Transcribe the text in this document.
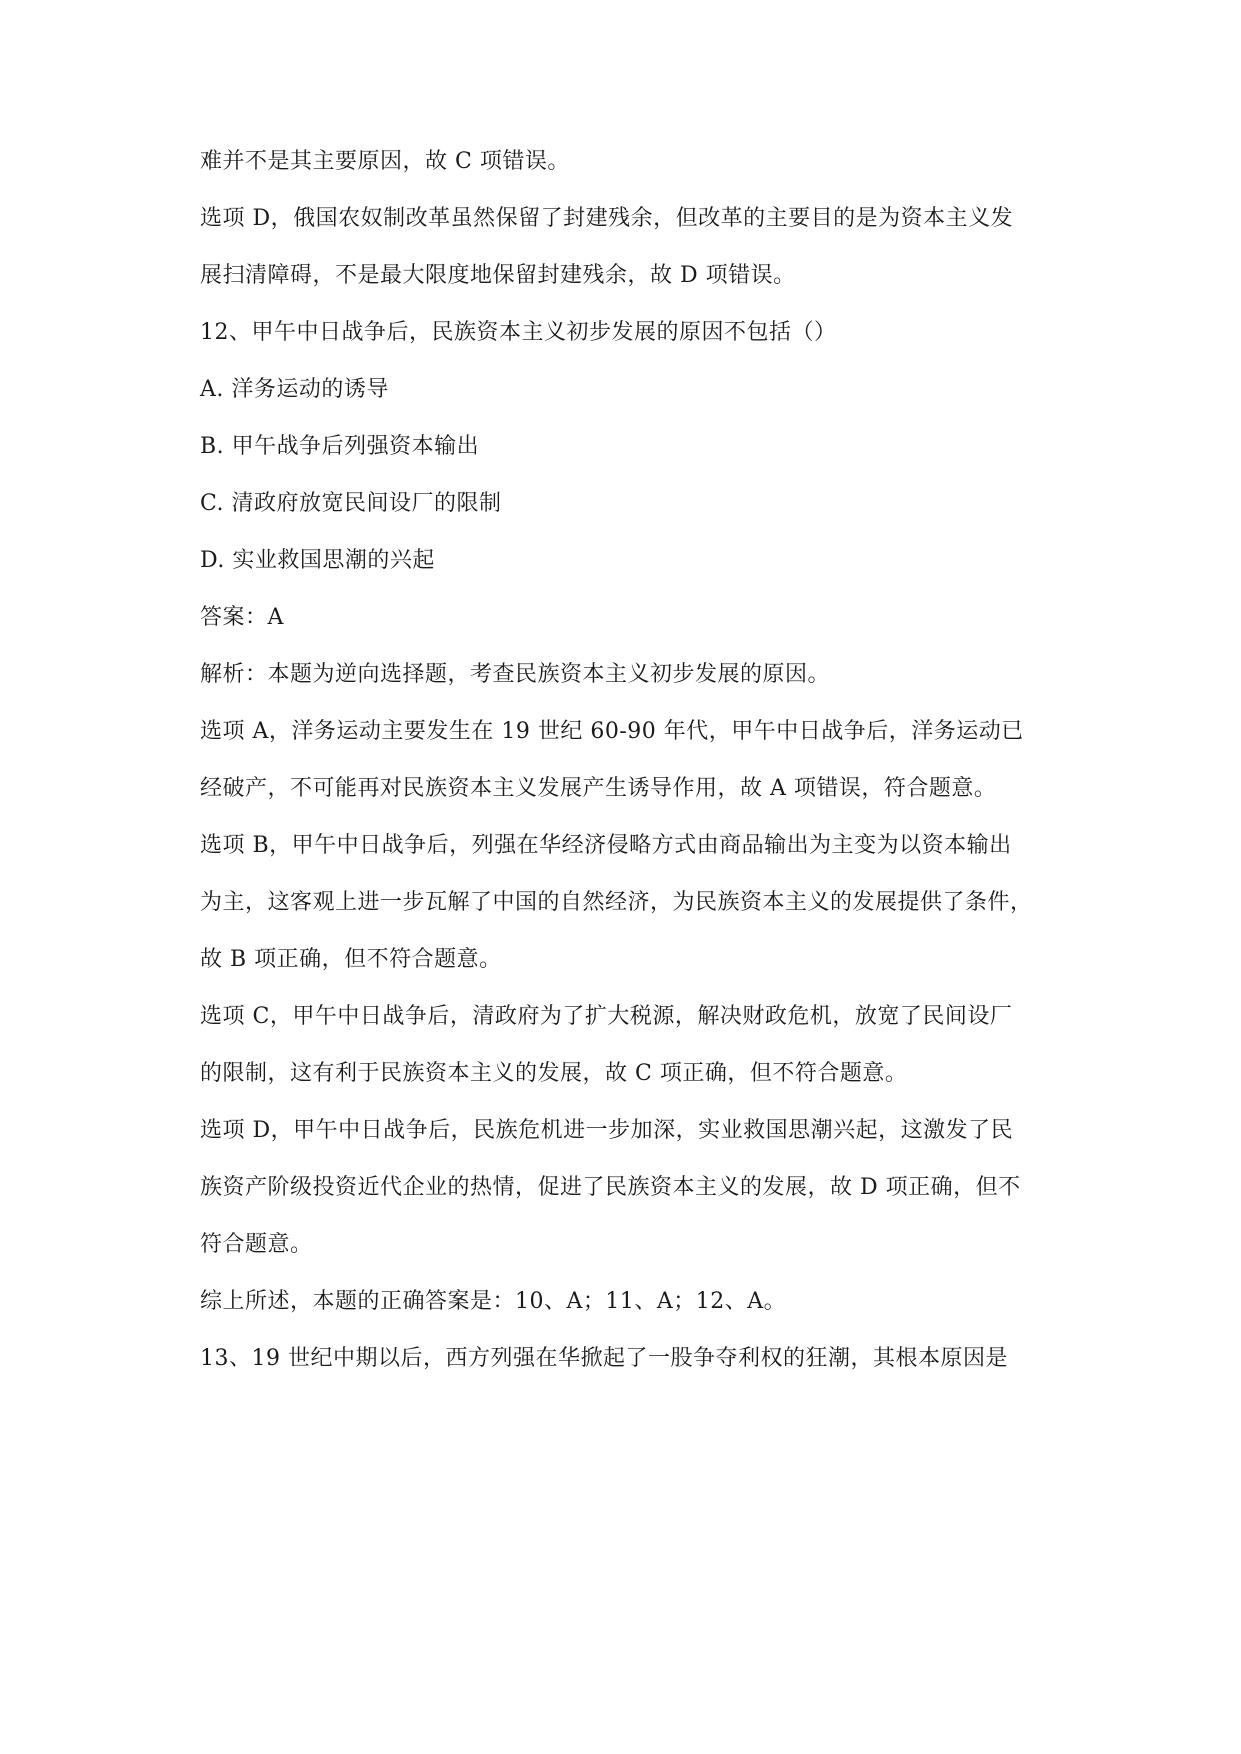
难并不是其主要原因，故 C 项错误。
选项 D，俄国农奴制改革虽然保留了封建残余，但改革的主要目的是为资本主义发
展扫清障碍，不是最大限度地保留封建残余，故 D 项错误。
12、甲午中日战争后，民族资本主义初步发展的原因不包括（）
A. 洋务运动的诱导
B. 甲午战争后列强资本输出
C. 清政府放宽民间设厂的限制
D. 实业救国思潮的兴起
答案：A
解析：本题为逆向选择题，考查民族资本主义初步发展的原因。
选项 A，洋务运动主要发生在 19 世纪 60-90 年代，甲午中日战争后，洋务运动已
经破产，不可能再对民族资本主义发展产生诱导作用，故 A 项错误，符合题意。
选项 B，甲午中日战争后，列强在华经济侵略方式由商品输出为主变为以资本输出
为主，这客观上进一步瓦解了中国的自然经济，为民族资本主义的发展提供了条件，
故 B 项正确，但不符合题意。
选项 C，甲午中日战争后，清政府为了扩大税源，解决财政危机，放宽了民间设厂
的限制，这有利于民族资本主义的发展，故 C 项正确，但不符合题意。
选项 D，甲午中日战争后，民族危机进一步加深，实业救国思潮兴起，这激发了民
族资产阶级投资近代企业的热情，促进了民族资本主义的发展，故 D 项正确，但不
符合题意。
综上所述，本题的正确答案是：10、A；11、A；12、A。
13、19 世纪中期以后，西方列强在华掀起了一股争夺利权的狂潮，其根本原因是
